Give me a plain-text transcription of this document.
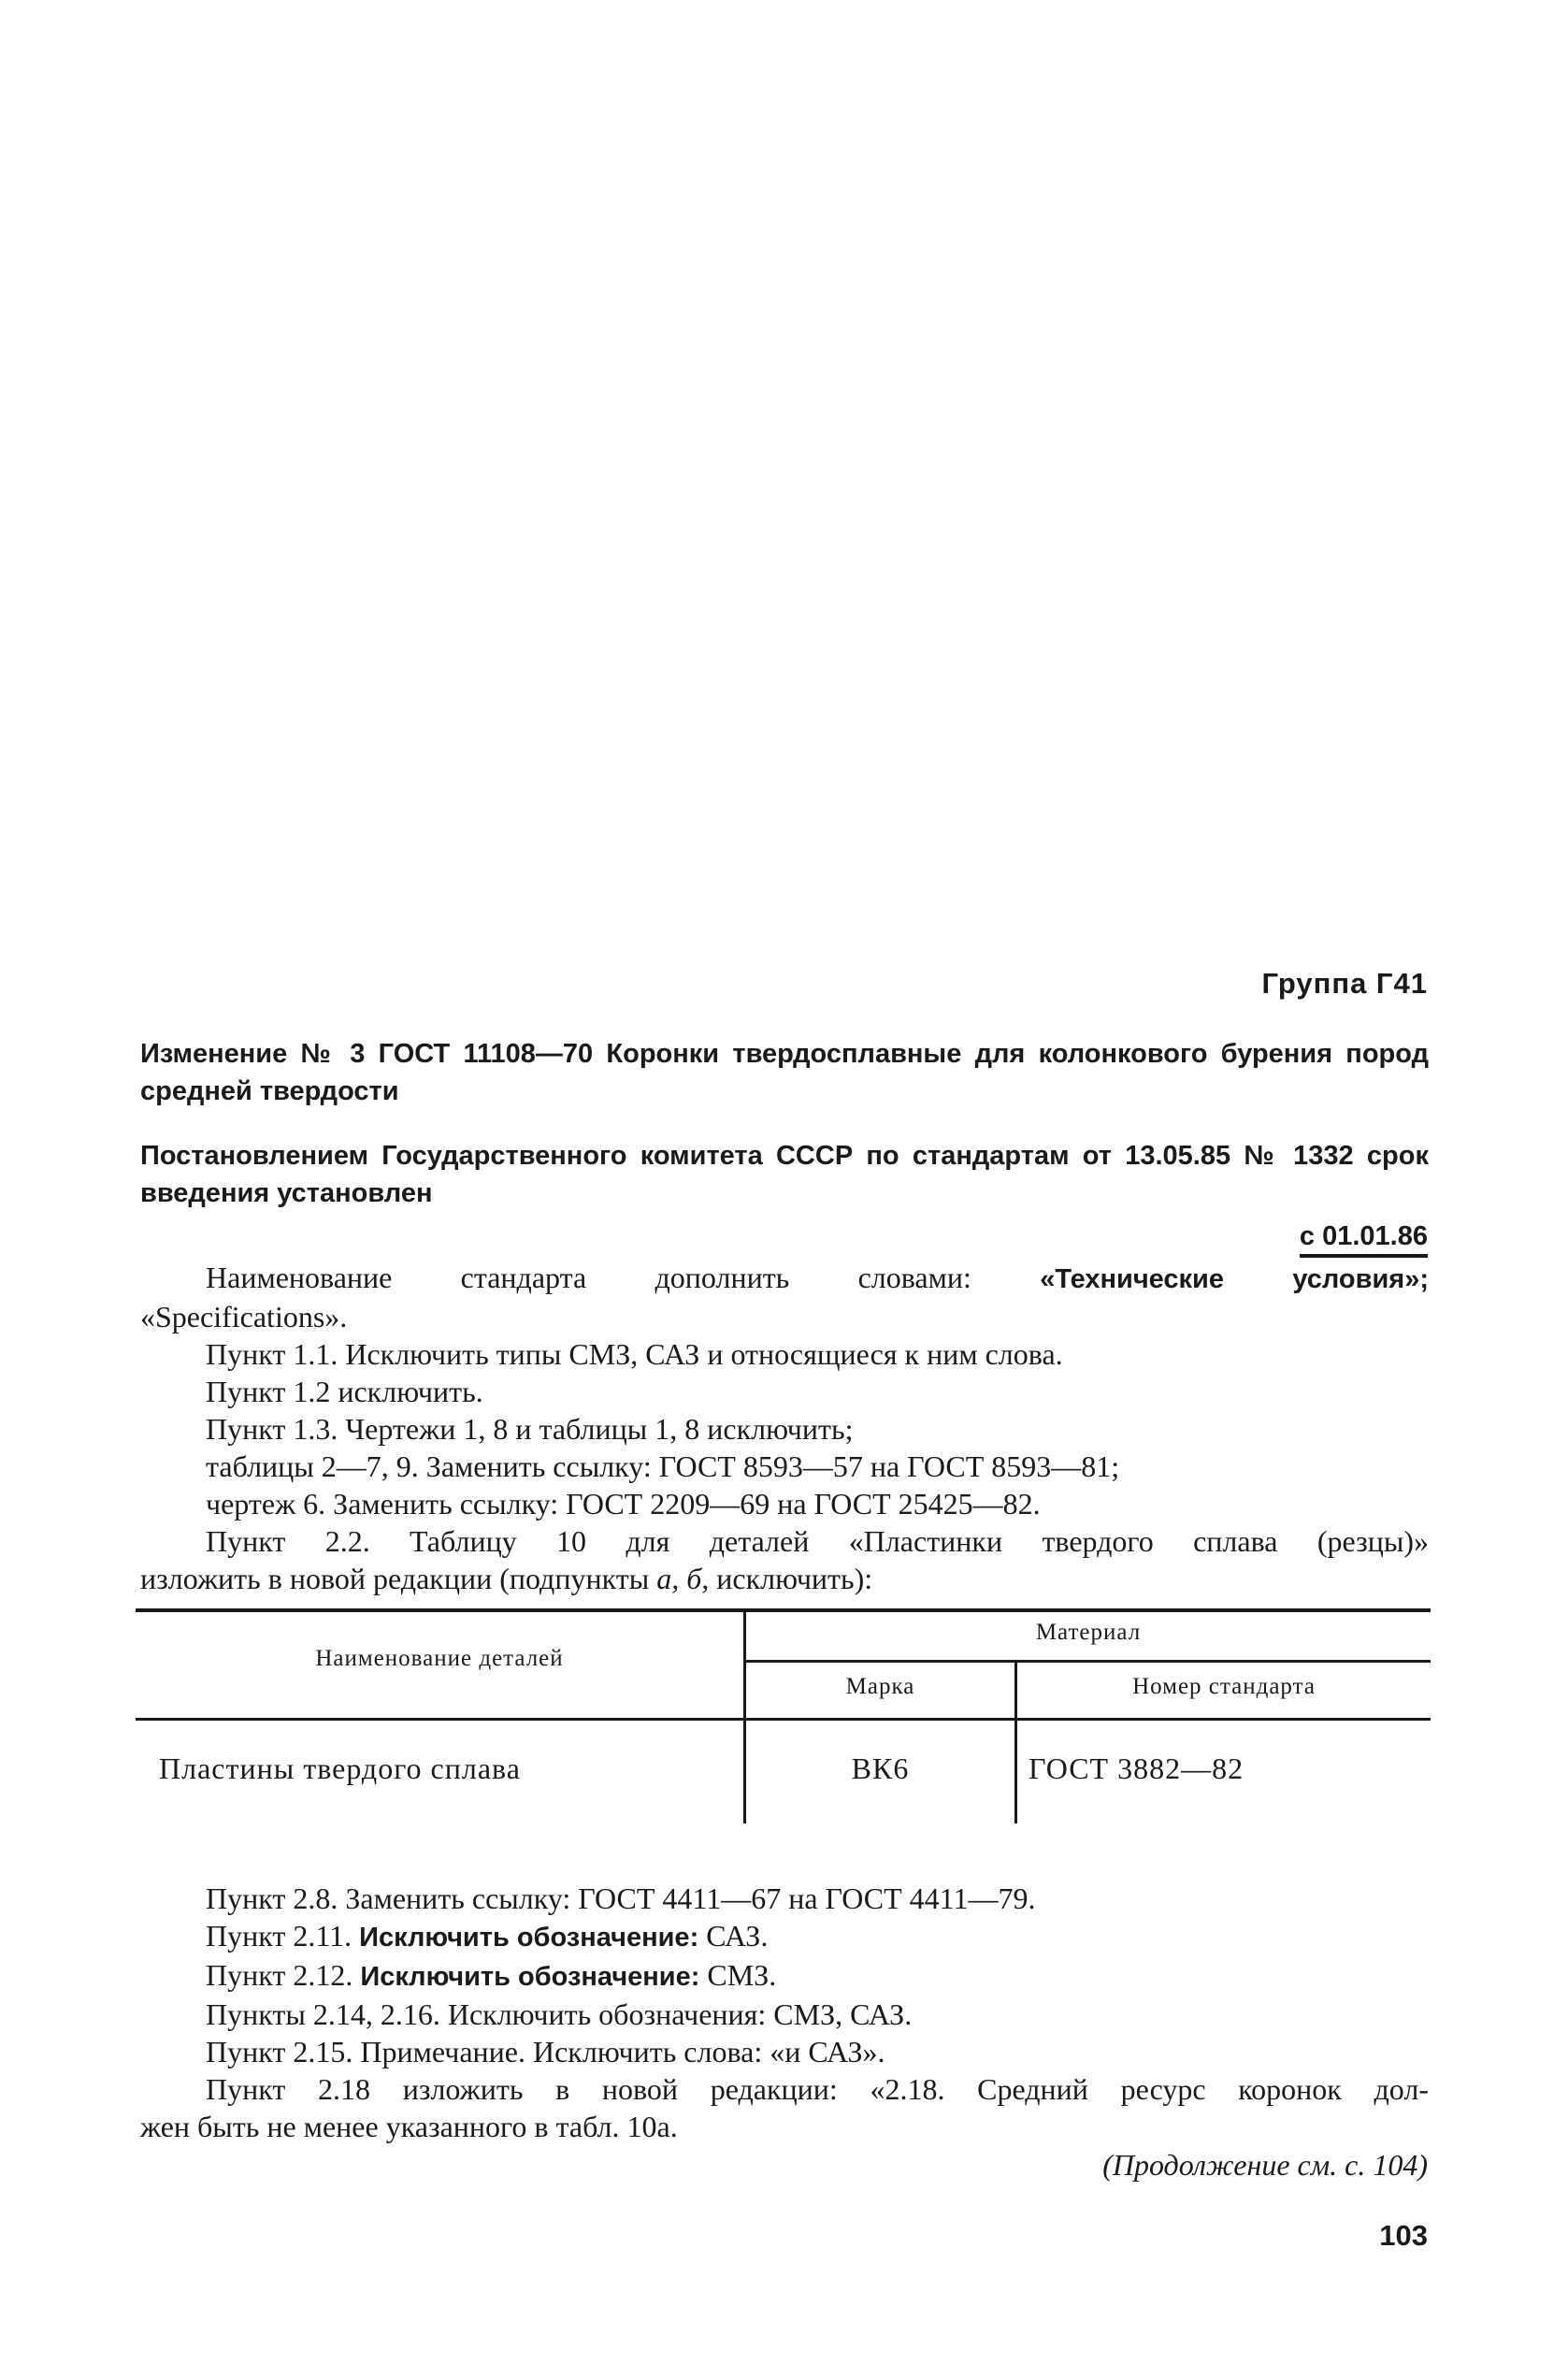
Группа Г41
Изменение № 3 ГОСТ 11108—70 Коронки твердосплавные для колонкового бурения пород средней твердости
Постановлением Государственного комитета СССР по стандартам от 13.05.85 № 1332 срок введения установлен
с 01.01.86
Наименование стандарта дополнить словами: «Технические условия»;
«Specifications».
Пункт 1.1. Исключить типы СМЗ, САЗ и относящиеся к ним слова.
Пункт 1.2 исключить.
Пункт 1.3. Чертежи 1, 8 и таблицы 1, 8 исключить;
таблицы 2—7, 9. Заменить ссылку: ГОСТ 8593—57 на ГОСТ 8593—81;
чертеж 6. Заменить ссылку: ГОСТ 2209—69 на ГОСТ 25425—82.
Пункт 2.2. Таблицу 10 для деталей «Пластинки твердого сплава (резцы)»
изложить в новой редакции (подпункты а, б, исключить):
Наименование деталей
Материал
Марка	Номер стандарта
Пластины твердого сплава	ВК6	ГОСТ 3882—82
Пункт 2.8. Заменить ссылку: ГОСТ 4411—67 на ГОСТ 4411—79.
Пункт 2.11. Исключить обозначение: САЗ.
Пункт 2.12. Исключить обозначение: СМЗ.
Пункты 2.14, 2.16. Исключить обозначения: СМЗ, САЗ.
Пункт 2.15. Примечание. Исключить слова: «и САЗ».
Пункт 2.18 изложить в новой редакции: «2.18. Средний ресурс коронок дол-
жен быть не менее указанного в табл. 10а.
(Продолжение см. с. 104)
103
